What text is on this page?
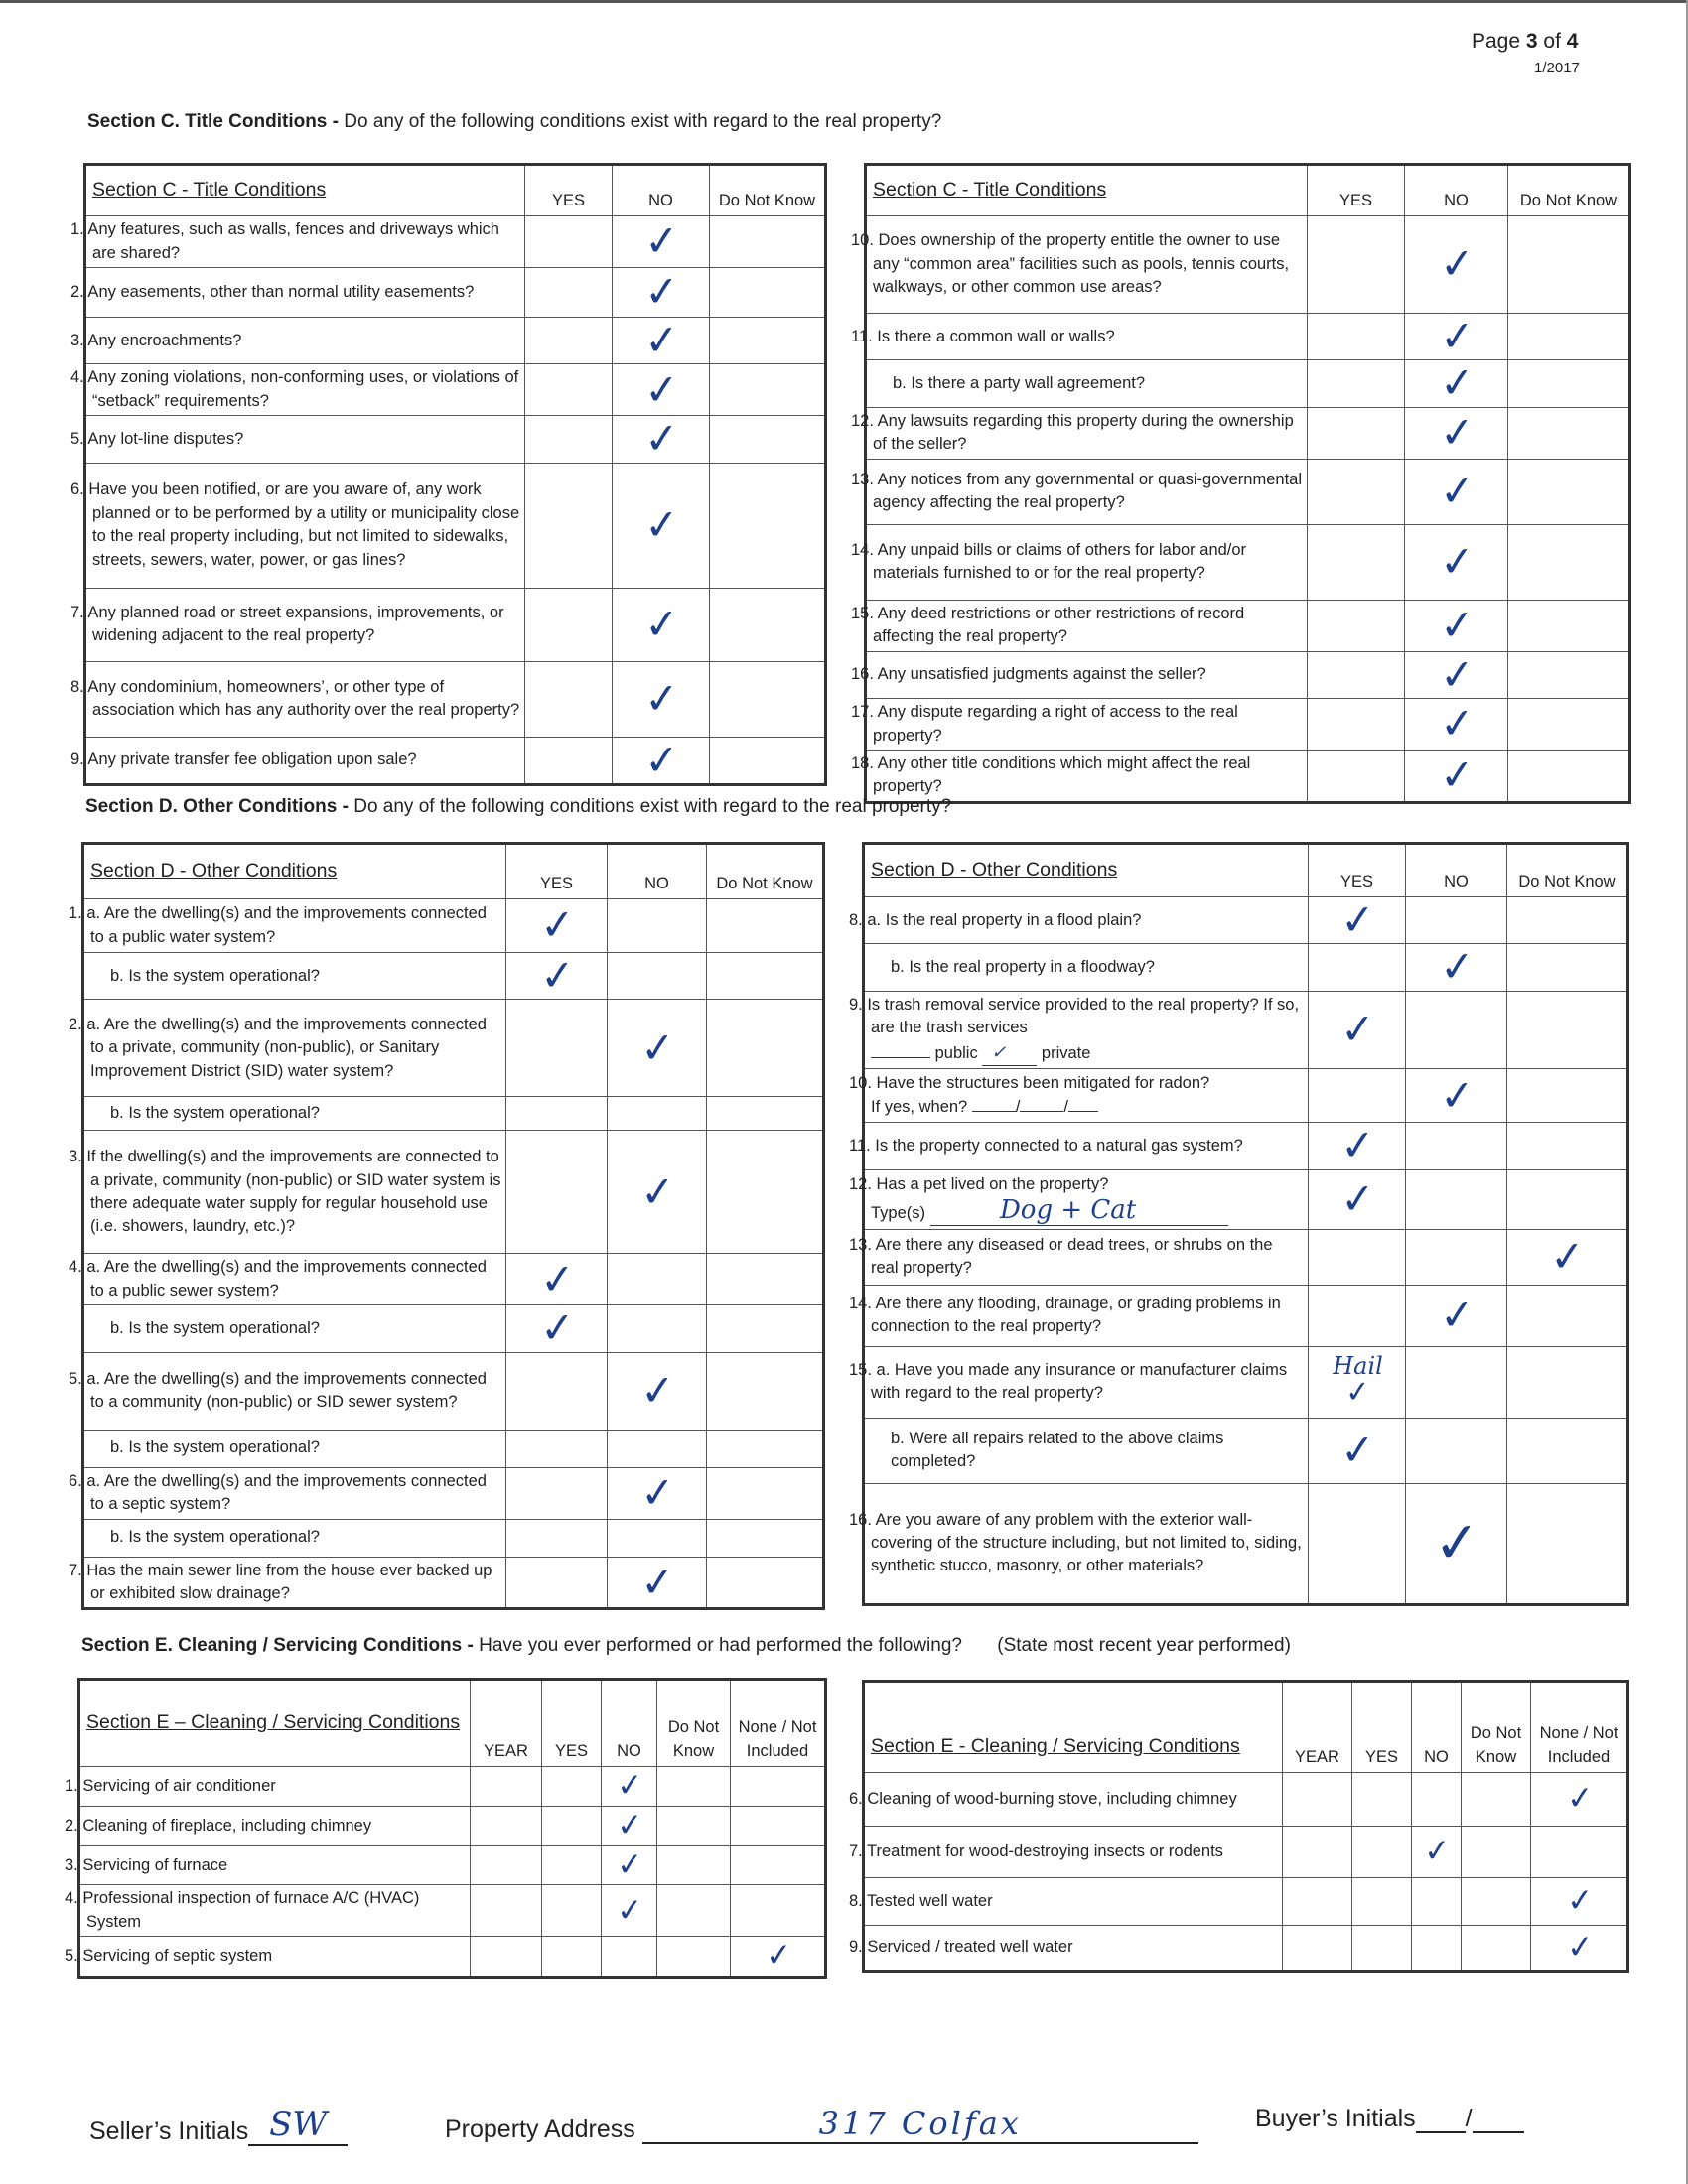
Page 3 of 4
1/2017
Section C. Title Conditions - Do any of the following conditions exist with regard to the real property?
Section C - Title Conditions	YES	NO	Do Not Know
1. Any features, such as walls, fences and driveways which are shared?		✓	
2. Any easements, other than normal utility easements?		✓	
3. Any encroachments?		✓	
4. Any zoning violations, non-conforming uses, or violations of “setback” requirements?		✓	
5. Any lot-line disputes?		✓	
6. Have you been notified, or are you aware of, any work planned or to be performed by a utility or municipality close to the real property including, but not limited to sidewalks, streets, sewers, water, power, or gas lines?		✓	
7. Any planned road or street expansions, improvements, or widening adjacent to the real property?		✓	
8. Any condominium, homeowners’, or other type of association which has any authority over the real property?		✓	
9. Any private transfer fee obligation upon sale?		✓	
Section C - Title Conditions	YES	NO	Do Not Know
10. Does ownership of the property entitle the owner to use any “common area” facilities such as pools, tennis courts, walkways, or other common use areas?		✓	
11. Is there a common wall or walls?		✓	
b. Is there a party wall agreement?		✓	
12. Any lawsuits regarding this property during the ownership of the seller?		✓	
13. Any notices from any governmental or quasi-governmental agency affecting the real property?		✓	
14. Any unpaid bills or claims of others for labor and/or materials furnished to or for the real property?		✓	
15. Any deed restrictions or other restrictions of record affecting the real property?		✓	
16. Any unsatisfied judgments against the seller?		✓	
17. Any dispute regarding a right of access to the real property?		✓	
18. Any other title conditions which might affect the real property?		✓	
Section D. Other Conditions - Do any of the following conditions exist with regard to the real property?
Section D - Other Conditions	YES	NO	Do Not Know
1. a. Are the dwelling(s) and the improvements connected to a public water system?	✓		
b. Is the system operational?	✓		
2. a. Are the dwelling(s) and the improvements connected to a private, community (non-public), or Sanitary Improvement District (SID) water system?		✓	
b. Is the system operational?			
3. If the dwelling(s) and the improvements are connected to a private, community (non-public) or SID water system is there adequate water supply for regular household use (i.e. showers, laundry, etc.)?		✓	
4. a. Are the dwelling(s) and the improvements connected to a public sewer system?	✓		
b. Is the system operational?	✓		
5. a. Are the dwelling(s) and the improvements connected to a community (non-public) or SID sewer system?		✓	
b. Is the system operational?			
6. a. Are the dwelling(s) and the improvements connected to a septic system?		✓	
b. Is the system operational?			
7. Has the main sewer line from the house ever backed up or exhibited slow drainage?		✓	
Section D - Other Conditions	YES	NO	Do Not Know
8. a. Is the real property in a flood plain?	✓		
b. Is the real property in a floodway?		✓	
9. Is trash removal service provided to the real property? If so, are the trash services
public ✓ private	✓		
10. Have the structures been mitigated for radon?
If yes, when? / /		✓	
11. Is the property connected to a natural gas system?	✓		
12. Has a pet lived on the property?
Type(s) Dog + Cat	✓		
13. Are there any diseased or dead trees, or shrubs on the real property?			✓
14. Are there any flooding, drainage, or grading problems in connection to the real property?		✓	
15. a. Have you made any insurance or manufacturer claims with regard to the real property?	Hail
✓		
b. Were all repairs related to the above claims completed?	✓		
16. Are you aware of any problem with the exterior wall-covering of the structure including, but not limited to, siding, synthetic stucco, masonry, or other materials?		✓	
Section E. Cleaning / Servicing Conditions - Have you ever performed or had performed the following? (State most recent year performed)
Section E – Cleaning / Servicing Conditions	YEAR	YES	NO	Do Not Know	None / Not Included
1. Servicing of air conditioner			✓		
2. Cleaning of fireplace, including chimney			✓		
3. Servicing of furnace			✓		
4. Professional inspection of furnace A/C (HVAC) System			✓		
5. Servicing of septic system					✓
Section E - Cleaning / Servicing Conditions	YEAR	YES	NO	Do Not Know	None / Not Included
6. Cleaning of wood-burning stove, including chimney					✓
7. Treatment for wood-destroying insects or rodents			✓		
8. Tested well water					✓
9. Serviced / treated well water					✓
Seller’s Initials SW	Property Address	317 Colfax	Buyer’s Initials /
